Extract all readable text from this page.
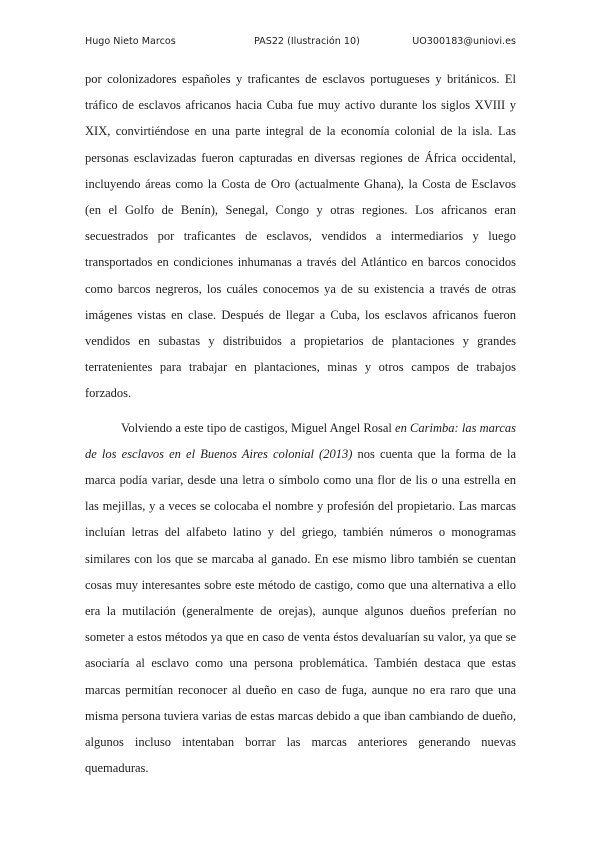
Hugo Nieto Marcos	PAS22 (Ilustración 10)	UO300183@uniovi.es

por colonizadores españoles y traficantes de esclavos portugueses y británicos. El tráfico de esclavos africanos hacia Cuba fue muy activo durante los siglos XVIII y XIX, convirtiéndose en una parte integral de la economía colonial de la isla. Las personas esclavizadas fueron capturadas en diversas regiones de África occidental, incluyendo áreas como la Costa de Oro (actualmente Ghana), la Costa de Esclavos (en el Golfo de Benín), Senegal, Congo y otras regiones. Los africanos eran secuestrados por traficantes de esclavos, vendidos a intermediarios y luego transportados en condiciones inhumanas a través del Atlántico en barcos conocidos como barcos negreros, los cuáles conocemos ya de su existencia a través de otras imágenes vistas en clase. Después de llegar a Cuba, los esclavos africanos fueron vendidos en subastas y distribuidos a propietarios de plantaciones y grandes terratenientes para trabajar en plantaciones, minas y otros campos de trabajos forzados.

Volviendo a este tipo de castigos, Miguel Angel Rosal en Carimba: las marcas de los esclavos en el Buenos Aires colonial (2013) nos cuenta que la forma de la marca podía variar, desde una letra o símbolo como una flor de lis o una estrella en las mejillas, y a veces se colocaba el nombre y profesión del propietario. Las marcas incluían letras del alfabeto latino y del griego, también números o monogramas similares con los que se marcaba al ganado. En ese mismo libro también se cuentan cosas muy interesantes sobre este método de castigo, como que una alternativa a ello era la mutilación (generalmente de orejas), aunque algunos dueños preferían no someter a estos métodos ya que en caso de venta éstos devaluarían su valor, ya que se asociaría al esclavo como una persona problemática. También destaca que estas marcas permitían reconocer al dueño en caso de fuga, aunque no era raro que una misma persona tuviera varias de estas marcas debido a que iban cambiando de dueño, algunos incluso intentaban borrar las marcas anteriores generando nuevas quemaduras.
